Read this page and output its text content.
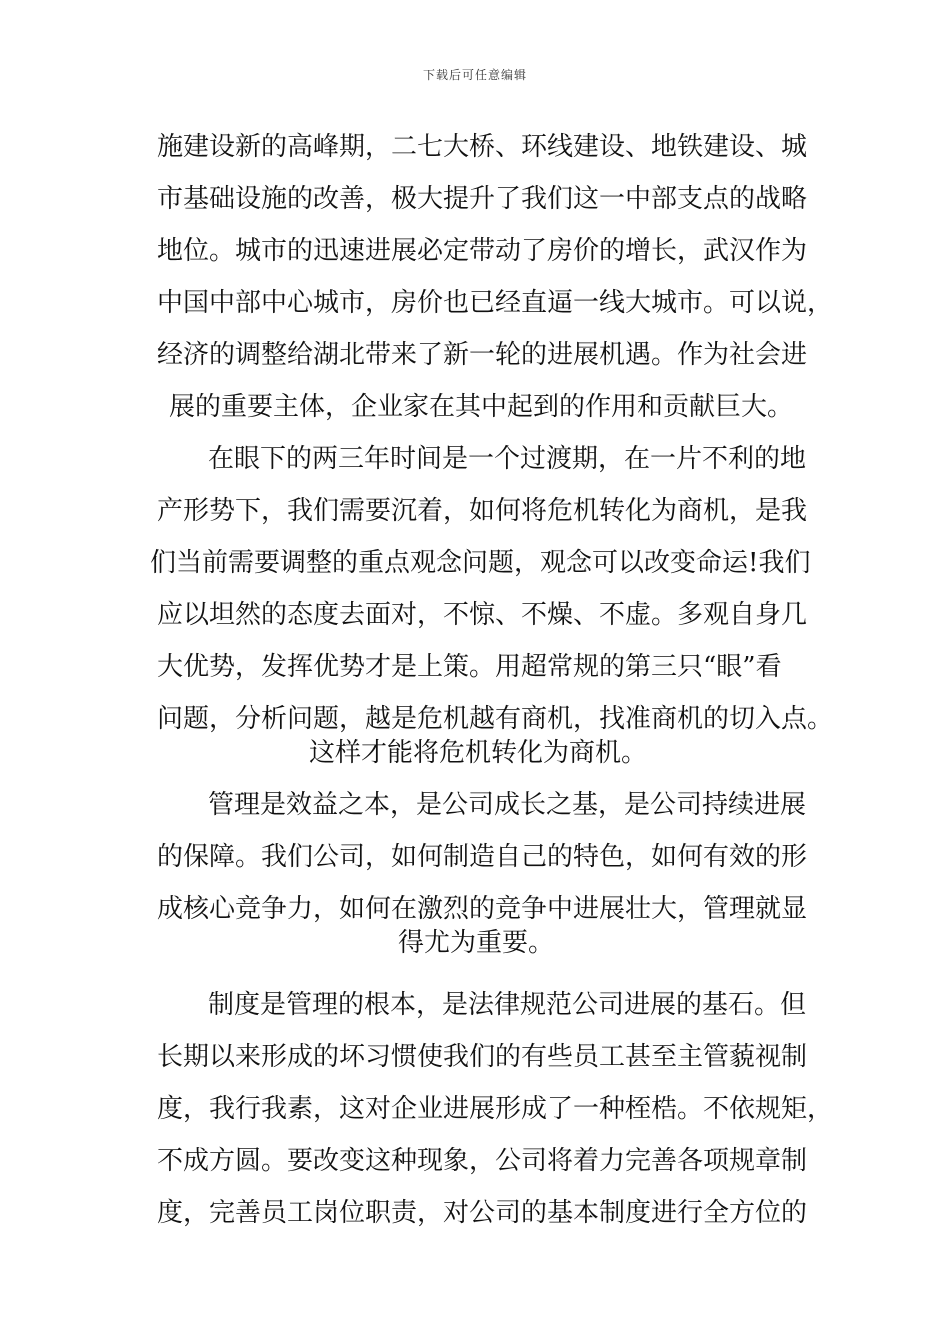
下载后可任意编辑
施建设新的高峰期，二七大桥、环线建设、地铁建设、城
市基础设施的改善，极大提升了我们这一中部支点的战略
地位。城市的迅速进展必定带动了房价的增长，武汉作为
中国中部中心城市，房价也已经直逼一线大城市。可以说，
经济的调整给湖北带来了新一轮的进展机遇。作为社会进
展的重要主体，企业家在其中起到的作用和贡献巨大。
在眼下的两三年时间是一个过渡期，在一片不利的地
产形势下，我们需要沉着，如何将危机转化为商机，是我
们当前需要调整的重点观念问题，观念可以改变命运!我们
应以坦然的态度去面对，不惊、不燥、不虚。多观自身几
大优势，发挥优势才是上策。用超常规的第三只“眼”看
问题，分析问题，越是危机越有商机，找准商机的切入点。
这样才能将危机转化为商机。
管理是效益之本，是公司成长之基，是公司持续进展
的保障。我们公司，如何制造自己的特色，如何有效的形
成核心竞争力，如何在激烈的竞争中进展壮大，管理就显
得尤为重要。
制度是管理的根本，是法律规范公司进展的基石。但
长期以来形成的坏习惯使我们的有些员工甚至主管藐视制
度，我行我素，这对企业进展形成了一种桎梏。不依规矩，
不成方圆。要改变这种现象，公司将着力完善各项规章制
度，完善员工岗位职责，对公司的基本制度进行全方位的
